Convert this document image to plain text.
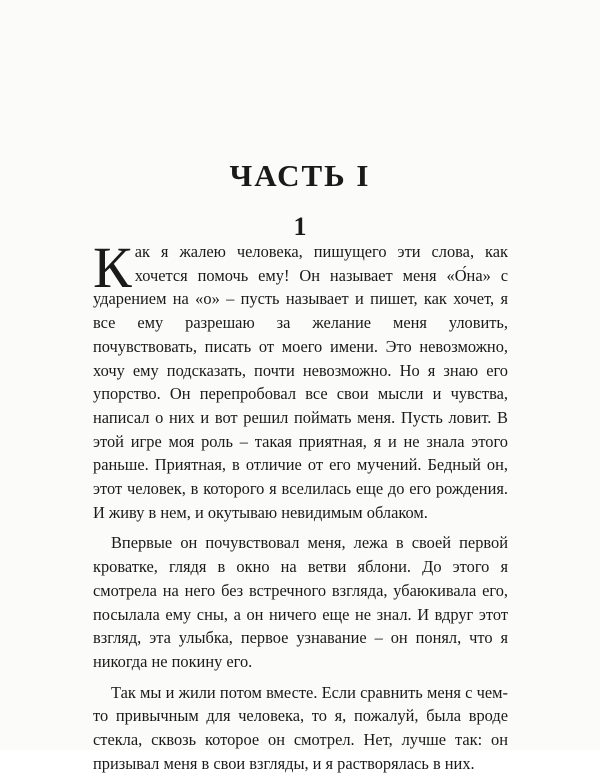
ЧАСТЬ I
1

Как я жалею человека, пишущего эти слова, как хочется помочь ему! Он называет меня «О́на» с ударением на «о» – пусть называет и пишет, как хочет, я все ему разрешаю за желание меня уловить, почувствовать, писать от моего имени. Это невозможно, хочу ему подсказать, почти невозможно. Но я знаю его упорство. Он перепробовал все свои мысли и чувства, написал о них и вот решил поймать меня. Пусть ловит. В этой игре моя роль – такая приятная, я и не знала этого раньше. Приятная, в отличие от его мучений. Бедный он, этот человек, в которого я вселилась еще до его рождения. И живу в нем, и окутываю невидимым облаком.

Впервые он почувствовал меня, лежа в своей первой кроватке, глядя в окно на ветви яблони. До этого я смотрела на него без встречного взгляда, убаюкивала его, посылала ему сны, а он ничего еще не знал. И вдруг этот взгляд, эта улыбка, первое узнавание – он понял, что я никогда не покину его.

Так мы и жили потом вместе. Если сравнить меня с чем-то привычным для человека, то я, пожалуй, была вроде стекла, сквозь которое он смотрел. Нет, лучше так: он призывал меня в свои взгляды, и я растворялась в них.
